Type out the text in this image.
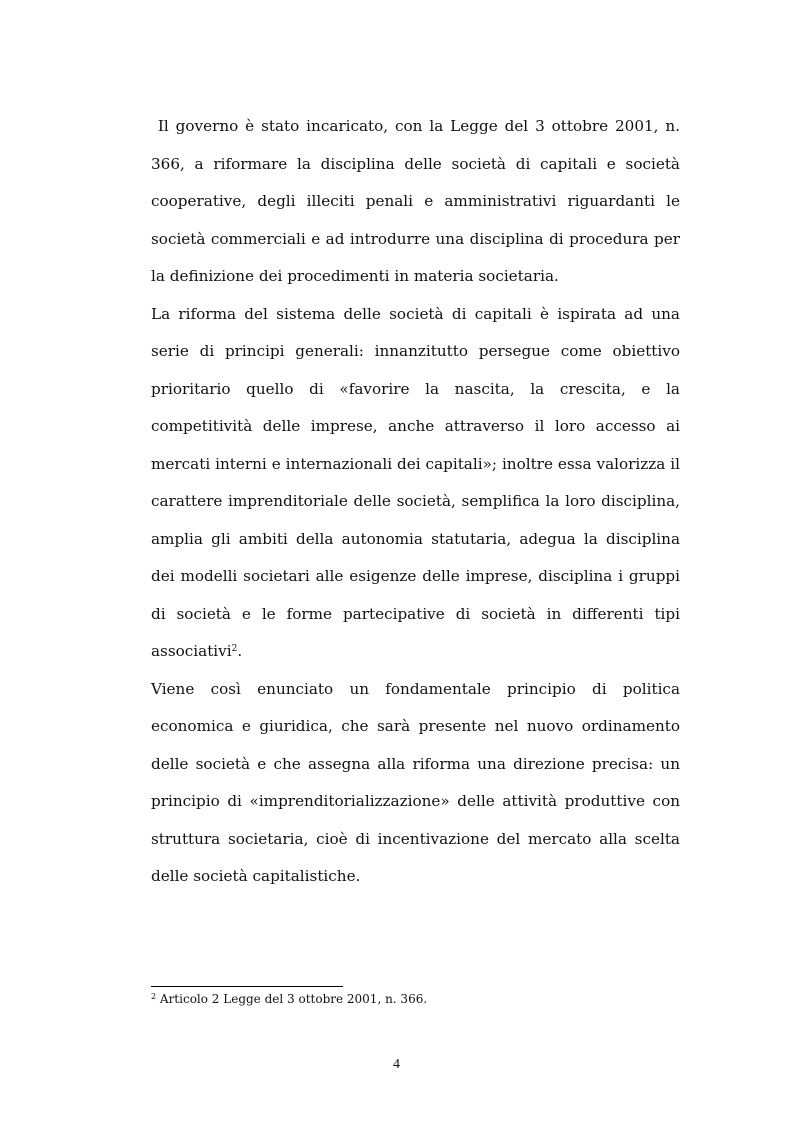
Il governo è stato incaricato, con la Legge del 3 ottobre 2001, n.
366, a riformare la disciplina delle società di capitali e società
cooperative, degli illeciti penali e amministrativi riguardanti le
società commerciali e ad introdurre una disciplina di procedura per
la definizione dei procedimenti in materia societaria.
La riforma del sistema delle società di capitali è ispirata ad una
serie di principi generali: innanzitutto persegue come obiettivo
prioritario quello di «favorire la nascita, la crescita, e la
competitività delle imprese, anche attraverso il loro accesso ai
mercati interni e internazionali dei capitali»; inoltre essa valorizza il
carattere imprenditoriale delle società, semplifica la loro disciplina,
amplia gli ambiti della autonomia statutaria, adegua la disciplina
dei modelli societari alle esigenze delle imprese, disciplina i gruppi
di società e le forme partecipative di società in differenti tipi
associativi$^2$.
Viene così enunciato un fondamentale principio di politica
economica e giuridica, che sarà presente nel nuovo ordinamento
delle società e che assegna alla riforma una direzione precisa: un
principio di «imprenditorializzazione» delle attività produttive con
struttura societaria, cioè di incentivazione del mercato alla scelta
delle società capitalistiche.
$^2$ Articolo 2 Legge del 3 ottobre 2001, n. 366.
4
